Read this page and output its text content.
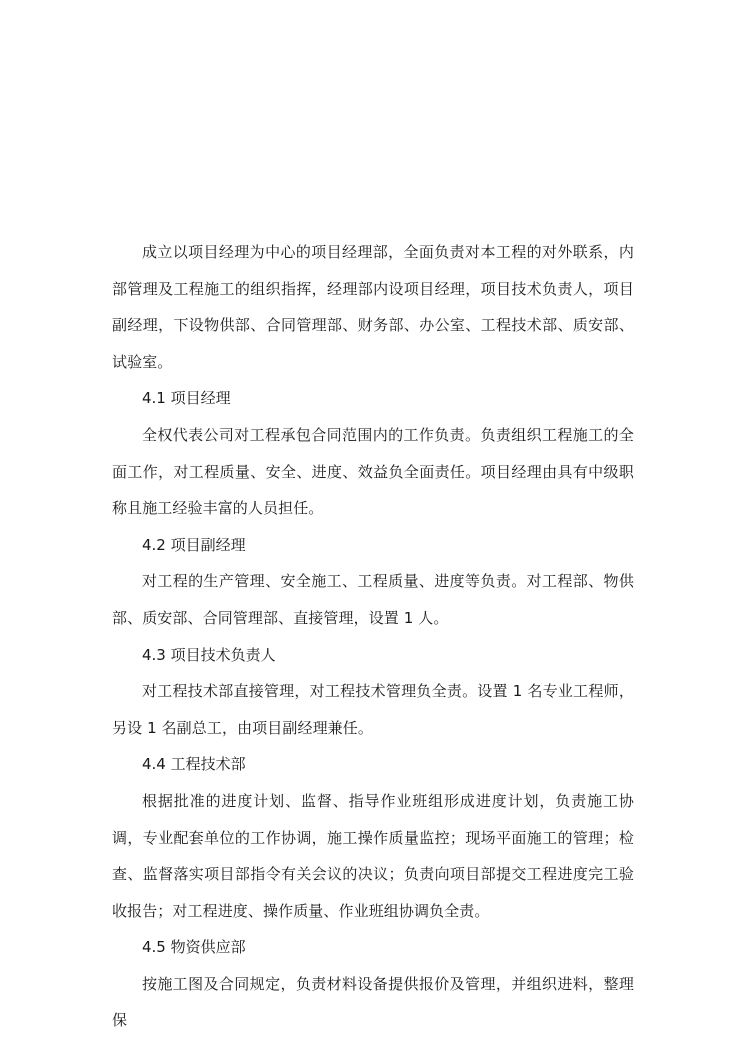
成立以项目经理为中心的项目经理部，全面负责对本工程的对外联系，内部管理及工程施工的组织指挥，经理部内设项目经理，项目技术负责人，项目副经理，下设物供部、合同管理部、财务部、办公室、工程技术部、质安部、试验室。

4.1 项目经理

全权代表公司对工程承包合同范围内的工作负责。负责组织工程施工的全面工作，对工程质量、安全、进度、效益负全面责任。项目经理由具有中级职称且施工经验丰富的人员担任。

4.2 项目副经理

对工程的生产管理、安全施工、工程质量、进度等负责。对工程部、物供部、质安部、合同管理部、直接管理，设置 1 人。

4.3 项目技术负责人

对工程技术部直接管理，对工程技术管理负全责。设置 1 名专业工程师，另设 1 名副总工，由项目副经理兼任。

4.4 工程技术部

根据批准的进度计划、监督、指导作业班组形成进度计划，负责施工协调，专业配套单位的工作协调，施工操作质量监控；现场平面施工的管理；检查、监督落实项目部指令有关会议的决议；负责向项目部提交工程进度完工验收报告；对工程进度、操作质量、作业班组协调负全责。

4.5 物资供应部

按施工图及合同规定，负责材料设备提供报价及管理，并组织进料，整理保
